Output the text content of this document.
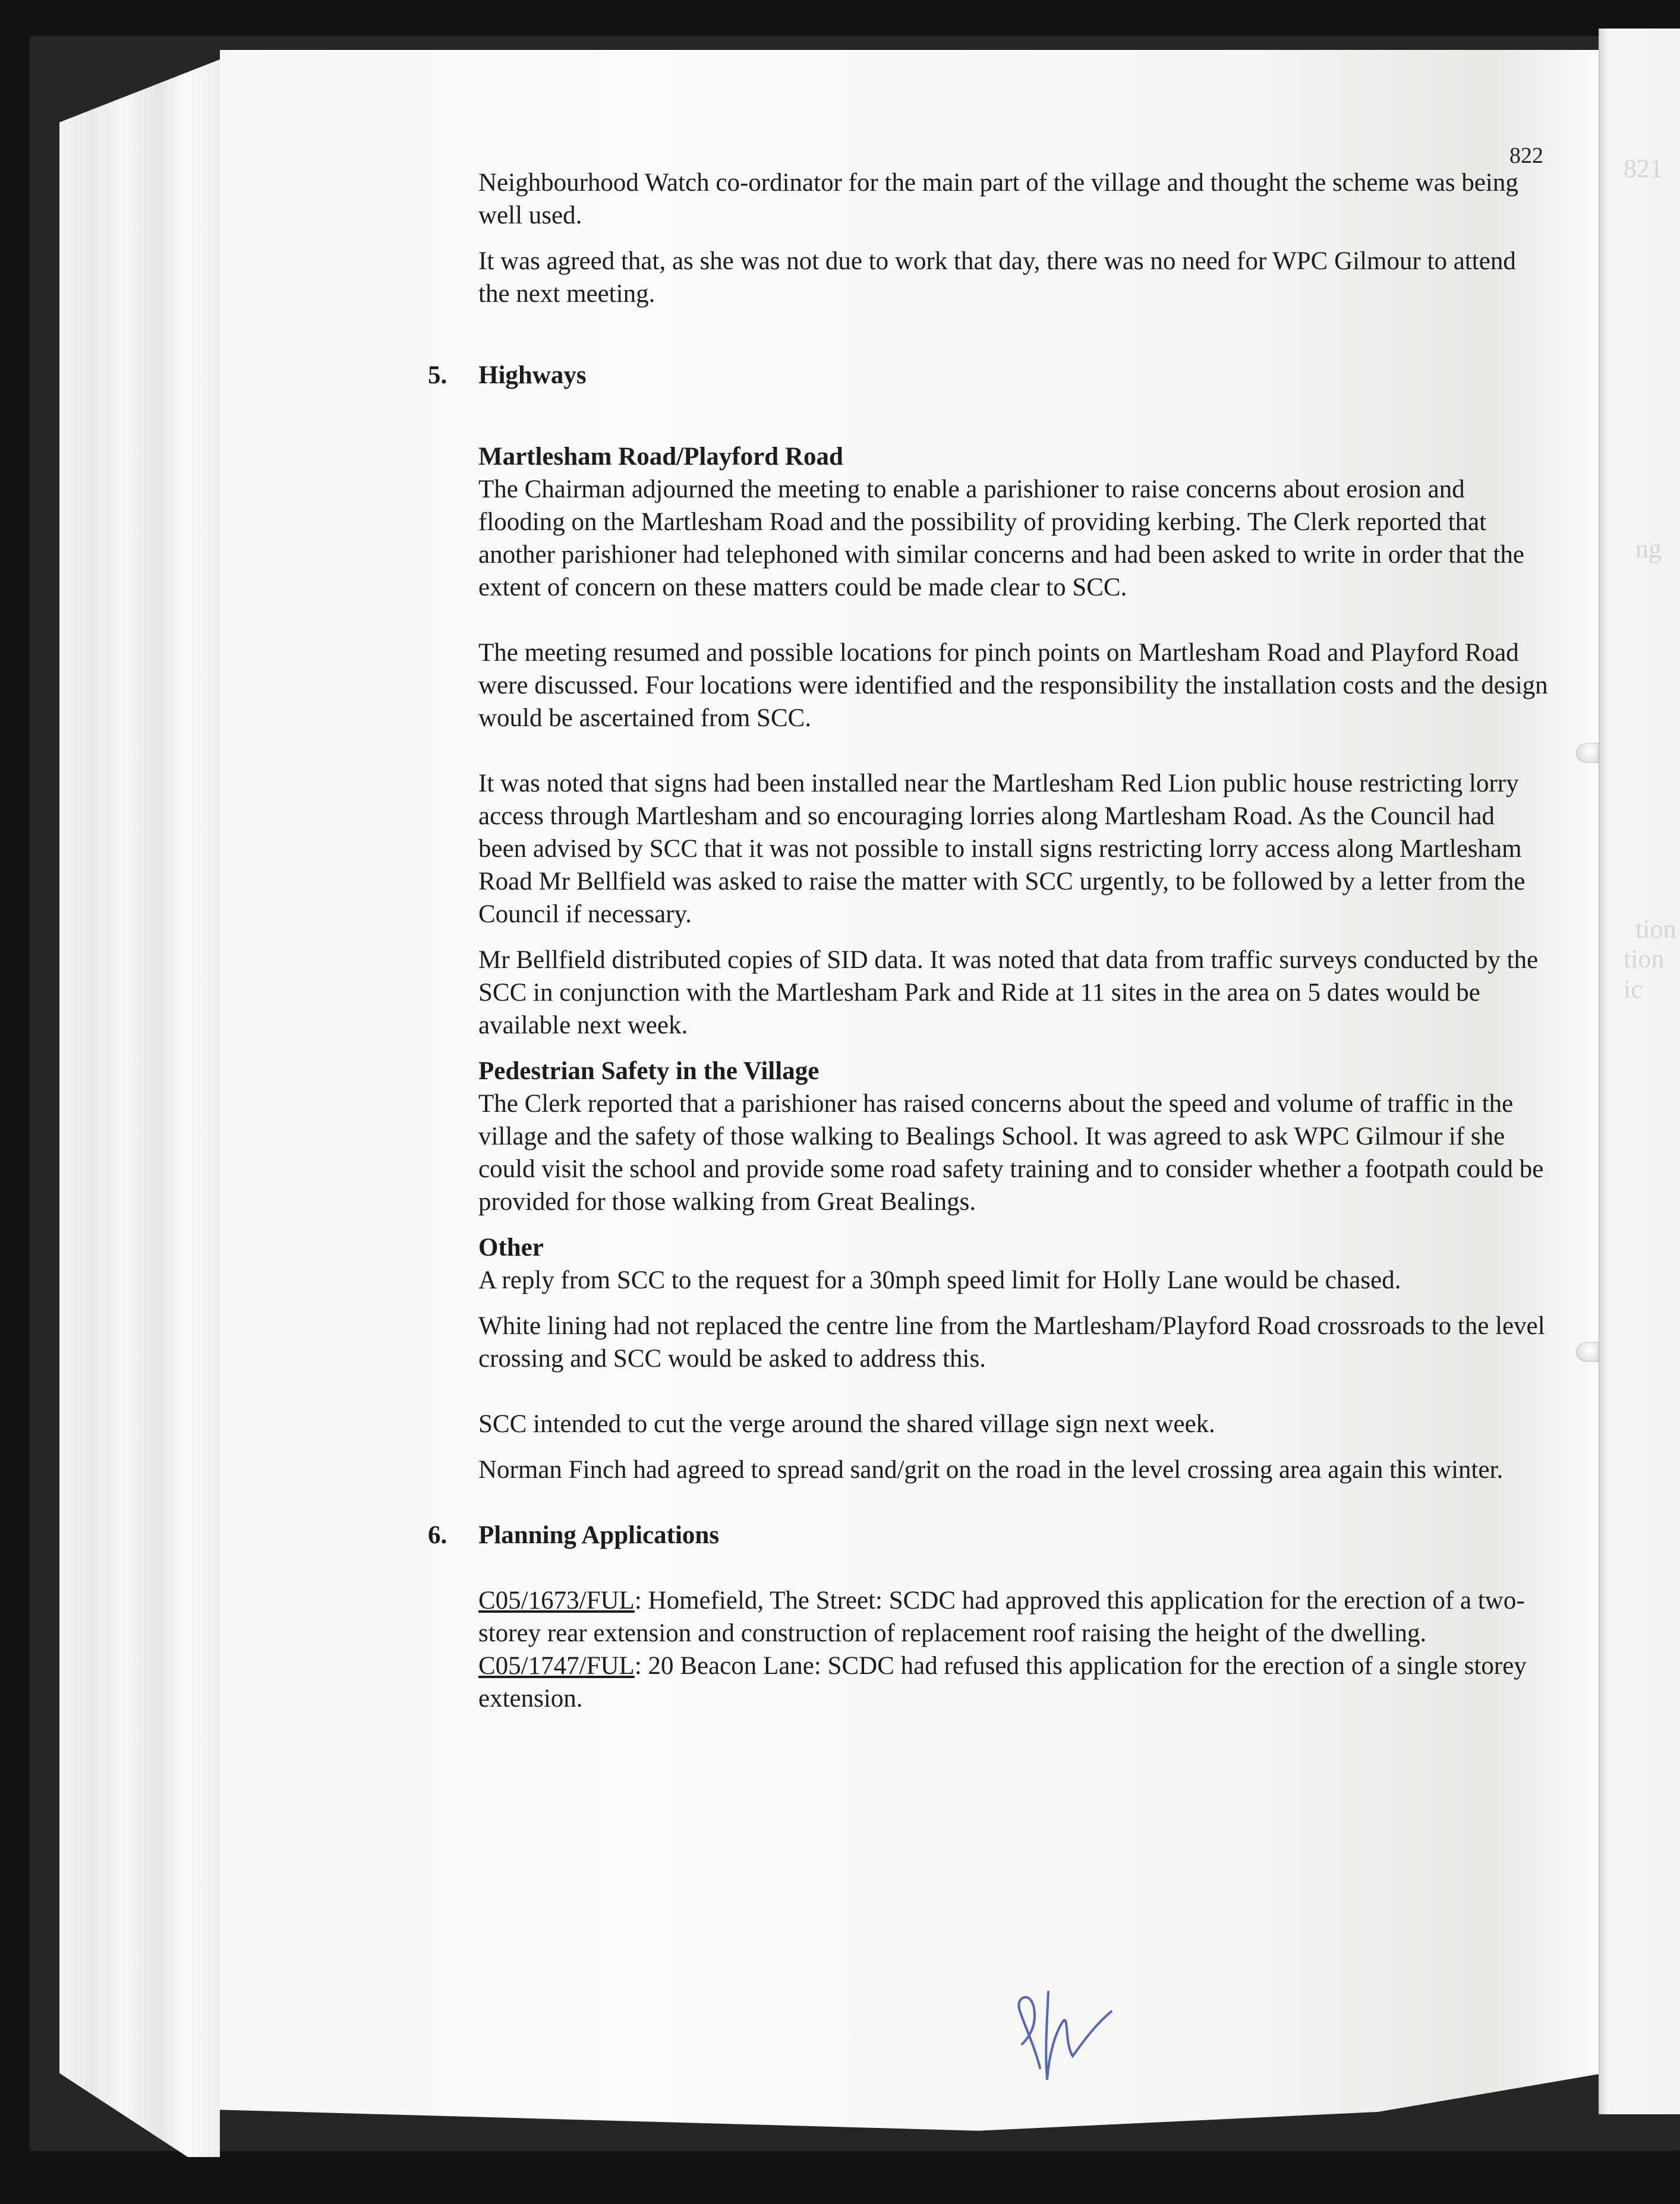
821
ng
tion
tion ic
822

Neighbourhood Watch co-ordinator for the main part of the village and thought the scheme was being well used.

It was agreed that, as she was not due to work that day, there was no need for WPC Gilmour to attend the next meeting.

5.	Highways
Martlesham Road/Playford Road

The Chairman adjourned the meeting to enable a parishioner to raise concerns about erosion and flooding on the Martlesham Road and the possibility of providing kerbing. The Clerk reported that another parishioner had telephoned with similar concerns and had been asked to write in order that the extent of concern on these matters could be made clear to SCC.

The meeting resumed and possible locations for pinch points on Martlesham Road and Playford Road were discussed. Four locations were identified and the responsibility the installation costs and the design would be ascertained from SCC.

It was noted that signs had been installed near the Martlesham Red Lion public house restricting lorry access through Martlesham and so encouraging lorries along Martlesham Road. As the Council had been advised by SCC that it was not possible to install signs restricting lorry access along Martlesham Road Mr Bellfield was asked to raise the matter with SCC urgently, to be followed by a letter from the Council if necessary.

Mr Bellfield distributed copies of SID data. It was noted that data from traffic surveys conducted by the SCC in conjunction with the Martlesham Park and Ride at 11 sites in the area on 5 dates would be available next week.

Pedestrian Safety in the Village

The Clerk reported that a parishioner has raised concerns about the speed and volume of traffic in the village and the safety of those walking to Bealings School. It was agreed to ask WPC Gilmour if she could visit the school and provide some road safety training and to consider whether a footpath could be provided for those walking from Great Bealings.

Other

A reply from SCC to the request for a 30mph speed limit for Holly Lane would be chased.

White lining had not replaced the centre line from the Martlesham/Playford Road crossroads to the level crossing and SCC would be asked to address this.

SCC intended to cut the verge around the shared village sign next week.

Norman Finch had agreed to spread sand/grit on the road in the level crossing area again this winter.

6.	Planning Applications

C05/1673/FUL: Homefield, The Street: SCDC had approved this application for the erection of a two-storey rear extension and construction of replacement roof raising the height of the dwelling.

C05/1747/FUL: 20 Beacon Lane: SCDC had refused this application for the erection of a single storey extension.
